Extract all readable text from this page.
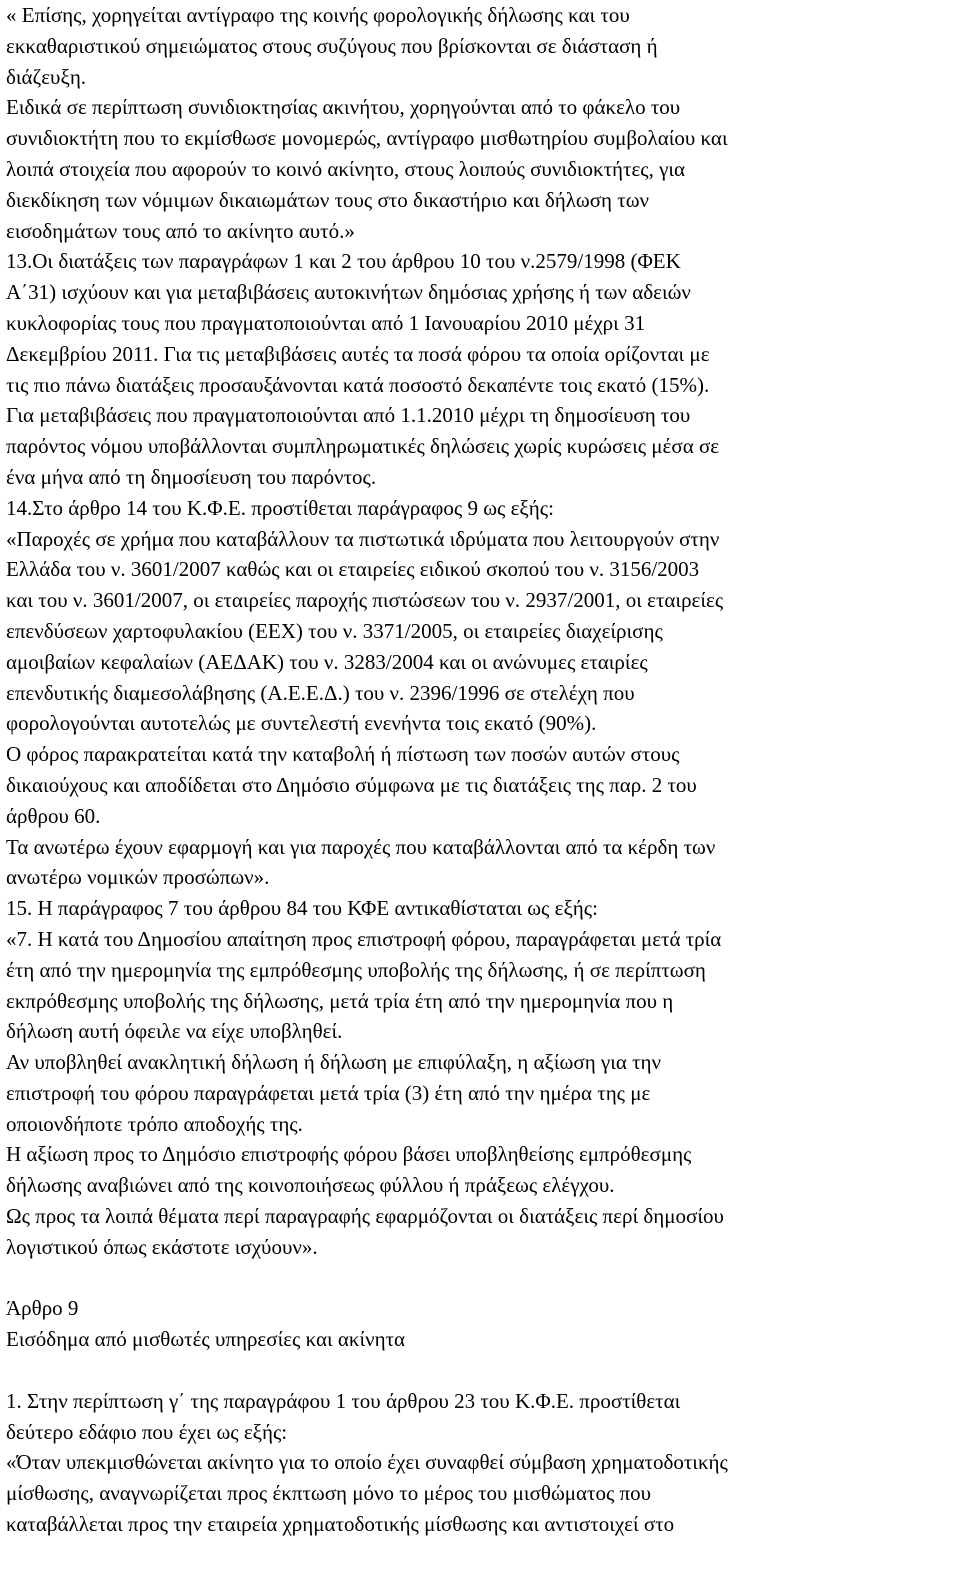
« Επίσης, χορηγείται αντίγραφο της κοινής φορολογικής δήλωσης και του
εκκαθαριστικού σημειώματος στους συζύγους που βρίσκονται σε διάσταση ή
διάζευξη.
Ειδικά σε περίπτωση συνιδιοκτησίας ακινήτου, χορηγούνται από το φάκελο του
συνιδιοκτήτη που το εκμίσθωσε μονομερώς, αντίγραφο μισθωτηρίου συμβολαίου και
λοιπά στοιχεία που αφορούν το κοινό ακίνητο, στους λοιπούς συνιδιοκτήτες, για
διεκδίκηση των νόμιμων δικαιωμάτων τους στο δικαστήριο και δήλωση των
εισοδημάτων τους από το ακίνητο αυτό.»
13.Οι διατάξεις των παραγράφων 1 και 2 του άρθρου 10 του ν.2579/1998 (ΦΕΚ
Α΄31) ισχύουν και για μεταβιβάσεις αυτοκινήτων δημόσιας χρήσης ή των αδειών
κυκλοφορίας τους που πραγματοποιούνται από 1 Ιανουαρίου 2010 μέχρι 31
Δεκεμβρίου 2011. Για τις μεταβιβάσεις αυτές τα ποσά φόρου τα οποία ορίζονται με
τις πιο πάνω διατάξεις προσαυξάνονται κατά ποσοστό δεκαπέντε τοις εκατό (15%).
Για μεταβιβάσεις που πραγματοποιούνται από 1.1.2010 μέχρι τη δημοσίευση του
παρόντος νόμου υποβάλλονται συμπληρωματικές δηλώσεις χωρίς κυρώσεις μέσα σε
ένα μήνα από τη δημοσίευση του παρόντος.
14.Στο άρθρο 14 του Κ.Φ.Ε. προστίθεται παράγραφος 9 ως εξής:
«Παροχές σε χρήμα που καταβάλλουν τα πιστωτικά ιδρύματα που λειτουργούν στην
Ελλάδα του ν. 3601/2007 καθώς και οι εταιρείες ειδικού σκοπού του ν. 3156/2003
και του ν. 3601/2007, οι εταιρείες παροχής πιστώσεων του ν. 2937/2001, οι εταιρείες
επενδύσεων χαρτοφυλακίου (ΕΕΧ) του ν. 3371/2005, οι εταιρείες διαχείρισης
αμοιβαίων κεφαλαίων (ΑΕΔΑΚ) του ν. 3283/2004 και οι ανώνυμες εταιρίες
επενδυτικής διαμεσολάβησης (Α.Ε.Ε.Δ.) του ν. 2396/1996 σε στελέχη που
φορολογούνται αυτοτελώς με συντελεστή ενενήντα τοις εκατό (90%).
Ο φόρος παρακρατείται κατά την καταβολή ή πίστωση των ποσών αυτών στους
δικαιούχους και αποδίδεται στο Δημόσιο σύμφωνα με τις διατάξεις της παρ. 2 του
άρθρου 60.
Τα ανωτέρω έχουν εφαρμογή και για παροχές που καταβάλλονται από τα κέρδη των
ανωτέρω νομικών προσώπων».
15. Η παράγραφος 7 του άρθρου 84 του ΚΦΕ αντικαθίσταται ως εξής:
«7. Η κατά του Δημοσίου απαίτηση προς επιστροφή φόρου, παραγράφεται μετά τρία
έτη από την ημερομηνία της εμπρόθεσμης υποβολής της δήλωσης, ή σε περίπτωση
εκπρόθεσμης υποβολής της δήλωσης, μετά τρία έτη από την ημερομηνία που η
δήλωση αυτή όφειλε να είχε υποβληθεί.
Αν υποβληθεί ανακλητική δήλωση ή δήλωση με επιφύλαξη, η αξίωση για την
επιστροφή του φόρου παραγράφεται μετά τρία (3) έτη από την ημέρα της με
οποιονδήποτε τρόπο αποδοχής της.
Η αξίωση προς το Δημόσιο επιστροφής φόρου βάσει υποβληθείσης εμπρόθεσμης
δήλωσης αναβιώνει από της κοινοποιήσεως φύλλου ή πράξεως ελέγχου.
Ως προς τα λοιπά θέματα περί παραγραφής εφαρμόζονται οι διατάξεις περί δημοσίου
λογιστικού όπως εκάστοτε ισχύουν».
Άρθρο 9
Εισόδημα από μισθωτές υπηρεσίες και ακίνητα
1. Στην περίπτωση γ΄ της παραγράφου 1 του άρθρου 23 του Κ.Φ.Ε. προστίθεται
δεύτερο εδάφιο που έχει ως εξής:
«Όταν υπεκμισθώνεται ακίνητο για το οποίο έχει συναφθεί σύμβαση χρηματοδοτικής
μίσθωσης, αναγνωρίζεται προς έκπτωση μόνο το μέρος του μισθώματος που
καταβάλλεται προς την εταιρεία χρηματοδοτικής μίσθωσης και αντιστοιχεί στο
